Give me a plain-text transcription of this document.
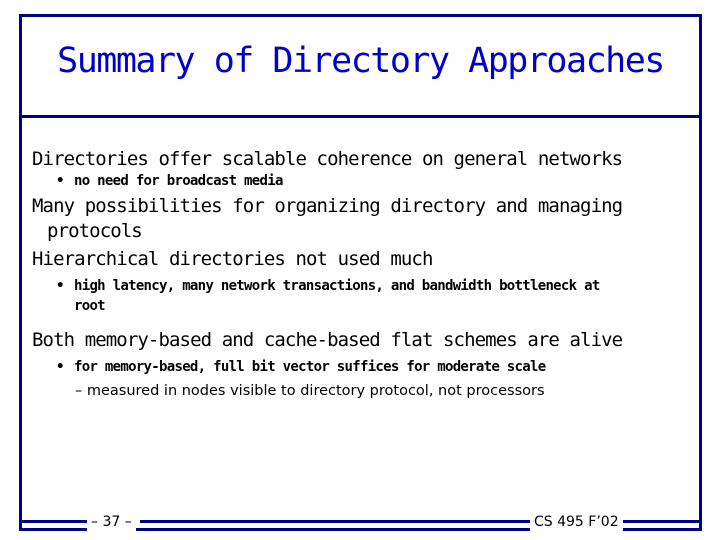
Summary of Directory Approaches
Directories offer scalable coherence on general networks
• no need for broadcast media
Many possibilities for organizing directory and managing
protocols
Hierarchical directories not used much
• high latency, many network transactions, and bandwidth bottleneck at
root
Both memory-based and cache-based flat schemes are alive
• for memory-based, full bit vector suffices for moderate scale
– measured in nodes visible to directory protocol, not processors
– 37 –	CS 495 F’02
